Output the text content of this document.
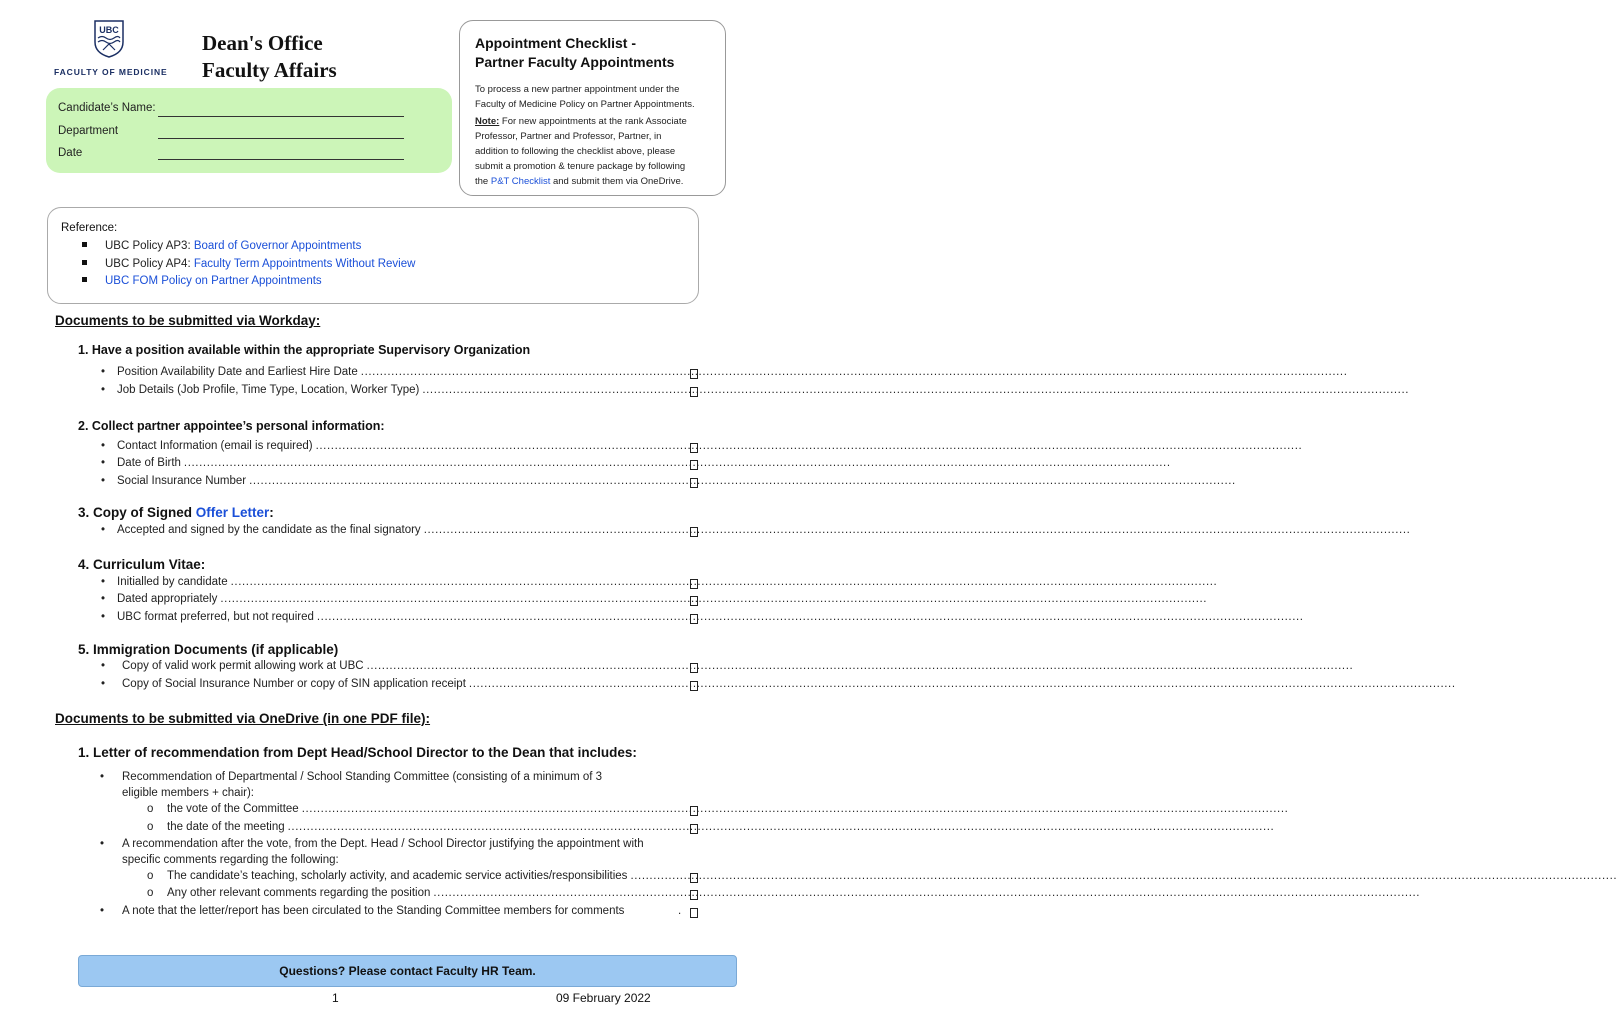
UBC
FACULTY OF MEDICINE
Dean's Office
Faculty Affairs
Candidate’s Name:
Department
Date
Appointment Checklist -
Partner Faculty Appointments
To process a new partner appointment under the
Faculty of Medicine Policy on Partner Appointments.
Note: For new appointments at the rank Associate
Professor, Partner and Professor, Partner, in
addition to following the checklist above, please
submit a promotion & tenure package by following
the P&T Checklist and submit them via OneDrive.
Reference:
UBC Policy AP3: Board of Governor Appointments
UBC Policy AP4: Faculty Term Appointments Without Review
UBC FOM Policy on Partner Appointments
Documents to be submitted via Workday:
1. Have a position available within the appropriate Supervisory Organization
• Position Availability Date and Earliest Hire Date ....................................................................................................................................................................................................................................................................
• Job Details (Job Profile, Time Type, Location, Worker Type) ....................................................................................................................................................................................................................................................................
2. Collect partner appointee’s personal information:
• Contact Information (email is required) ....................................................................................................................................................................................................................................................................
• Date of Birth ....................................................................................................................................................................................................................................................................
• Social Insurance Number ....................................................................................................................................................................................................................................................................
3. Copy of Signed Offer Letter:
• Accepted and signed by the candidate as the final signatory ....................................................................................................................................................................................................................................................................
4. Curriculum Vitae:
• Initialled by candidate ....................................................................................................................................................................................................................................................................
• Dated appropriately ....................................................................................................................................................................................................................................................................
• UBC format preferred, but not required ....................................................................................................................................................................................................................................................................
5. Immigration Documents (if applicable)
• Copy of valid work permit allowing work at UBC ....................................................................................................................................................................................................................................................................
• Copy of Social Insurance Number or copy of SIN application receipt ....................................................................................................................................................................................................................................................................
Documents to be submitted via OneDrive (in one PDF file):
1. Letter of recommendation from Dept Head/School Director to the Dean that includes:
• Recommendation of Departmental / School Standing Committee (consisting of a minimum of 3
eligible members + chair):
o the vote of the Committee ....................................................................................................................................................................................................................................................................
o the date of the meeting ....................................................................................................................................................................................................................................................................
• A recommendation after the vote, from the Dept. Head / School Director justifying the appointment with
specific comments regarding the following:
o The candidate’s teaching, scholarly activity, and academic service activities/responsibilities ....................................................................................................................................................................................................................................................................
o Any other relevant comments regarding the position ....................................................................................................................................................................................................................................................................
• A note that the letter/report has been circulated to the Standing Committee members for comments	.
Questions? Please contact Faculty HR Team.
1	09 February 2022
